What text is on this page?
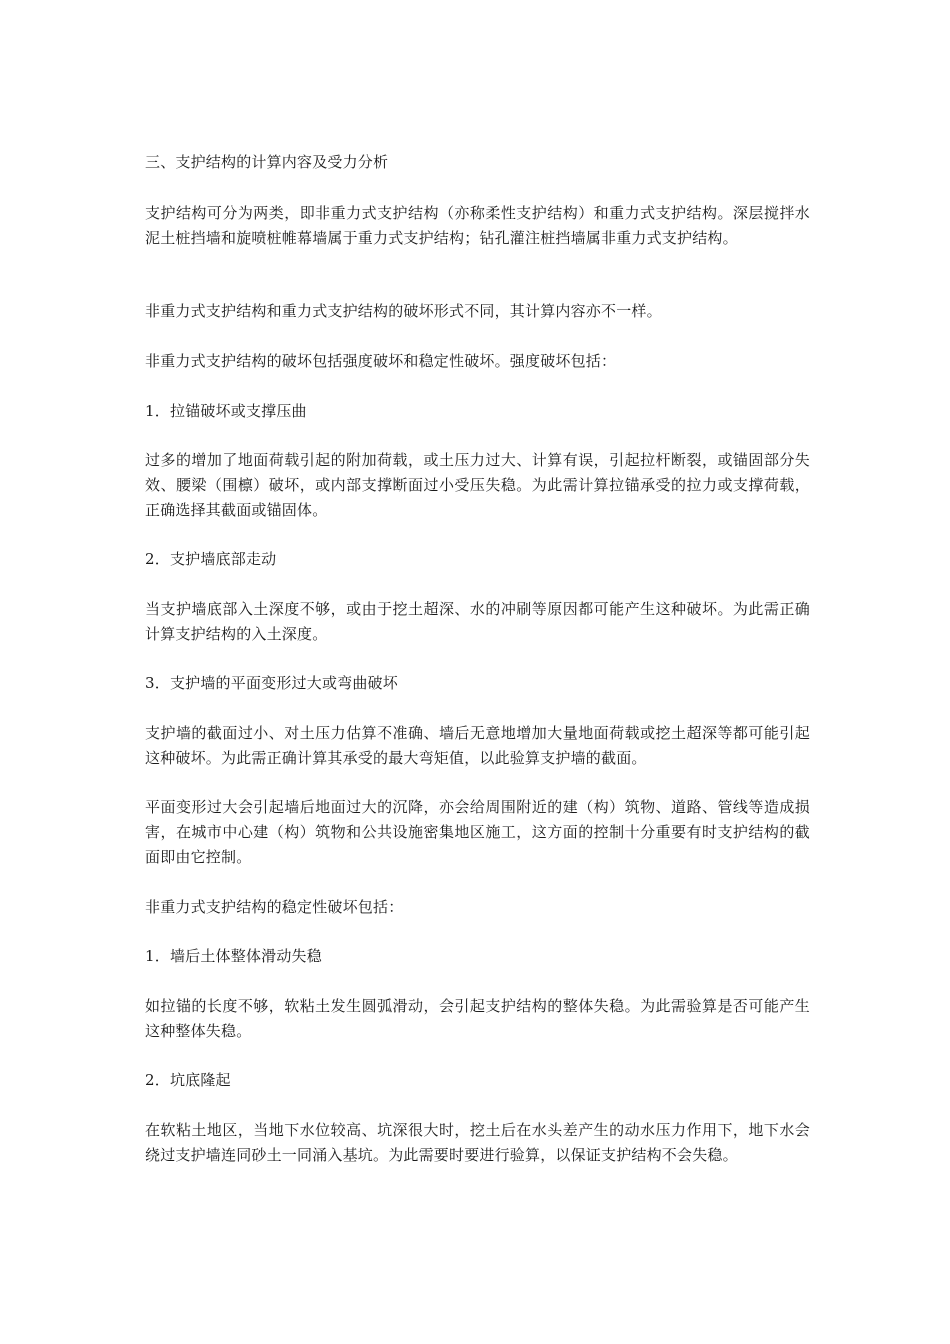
三、支护结构的计算内容及受力分析

支护结构可分为两类，即非重力式支护结构（亦称柔性支护结构）和重力式支护结构。深层搅拌水泥土桩挡墙和旋喷桩帷幕墙属于重力式支护结构；钻孔灌注桩挡墙属非重力式支护结构。

非重力式支护结构和重力式支护结构的破坏形式不同，其计算内容亦不一样。

非重力式支护结构的破坏包括强度破坏和稳定性破坏。强度破坏包括：

1．拉锚破坏或支撑压曲

过多的增加了地面荷载引起的附加荷载，或土压力过大、计算有误，引起拉杆断裂，或锚固部分失效、腰梁（围檩）破坏，或内部支撑断面过小受压失稳。为此需计算拉锚承受的拉力或支撑荷载，正确选择其截面或锚固体。

2．支护墙底部走动

当支护墙底部入土深度不够，或由于挖土超深、水的冲刷等原因都可能产生这种破坏。为此需正确计算支护结构的入土深度。

3．支护墙的平面变形过大或弯曲破坏

支护墙的截面过小、对土压力估算不准确、墙后无意地增加大量地面荷载或挖土超深等都可能引起这种破坏。为此需正确计算其承受的最大弯矩值，以此验算支护墙的截面。

平面变形过大会引起墙后地面过大的沉降，亦会给周围附近的建（构）筑物、道路、管线等造成损害，在城市中心建（构）筑物和公共设施密集地区施工，这方面的控制十分重要有时支护结构的截面即由它控制。

非重力式支护结构的稳定性破坏包括：

1．墙后土体整体滑动失稳

如拉锚的长度不够，软粘土发生圆弧滑动，会引起支护结构的整体失稳。为此需验算是否可能产生这种整体失稳。

2．坑底隆起

在软粘土地区，当地下水位较高、坑深很大时，挖土后在水头差产生的动水压力作用下，地下水会绕过支护墙连同砂土一同涌入基坑。为此需要时要进行验算，以保证支护结构不会失稳。
